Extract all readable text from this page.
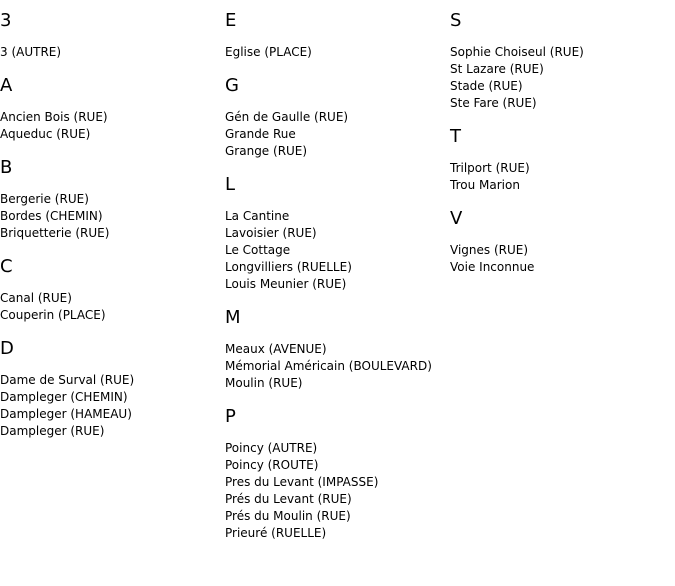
3
3 (AUTRE)
A
Ancien Bois (RUE)
Aqueduc (RUE)
B
Bergerie (RUE)
Bordes (CHEMIN)
Briquetterie (RUE)
C
Canal (RUE)
Couperin (PLACE)
D
Dame de Surval (RUE)
Dampleger (CHEMIN)
Dampleger (HAMEAU)
Dampleger (RUE)
E
Eglise (PLACE)
G
Gén de Gaulle (RUE)
Grande Rue
Grange (RUE)
L
La Cantine
Lavoisier (RUE)
Le Cottage
Longvilliers (RUELLE)
Louis Meunier (RUE)
M
Meaux (AVENUE)
Mémorial Américain (BOULEVARD)
Moulin (RUE)
P
Poincy (AUTRE)
Poincy (ROUTE)
Pres du Levant (IMPASSE)
Prés du Levant (RUE)
Prés du Moulin (RUE)
Prieuré (RUELLE)
S
Sophie Choiseul (RUE)
St Lazare (RUE)
Stade (RUE)
Ste Fare (RUE)
T
Trilport (RUE)
Trou Marion
V
Vignes (RUE)
Voie Inconnue
